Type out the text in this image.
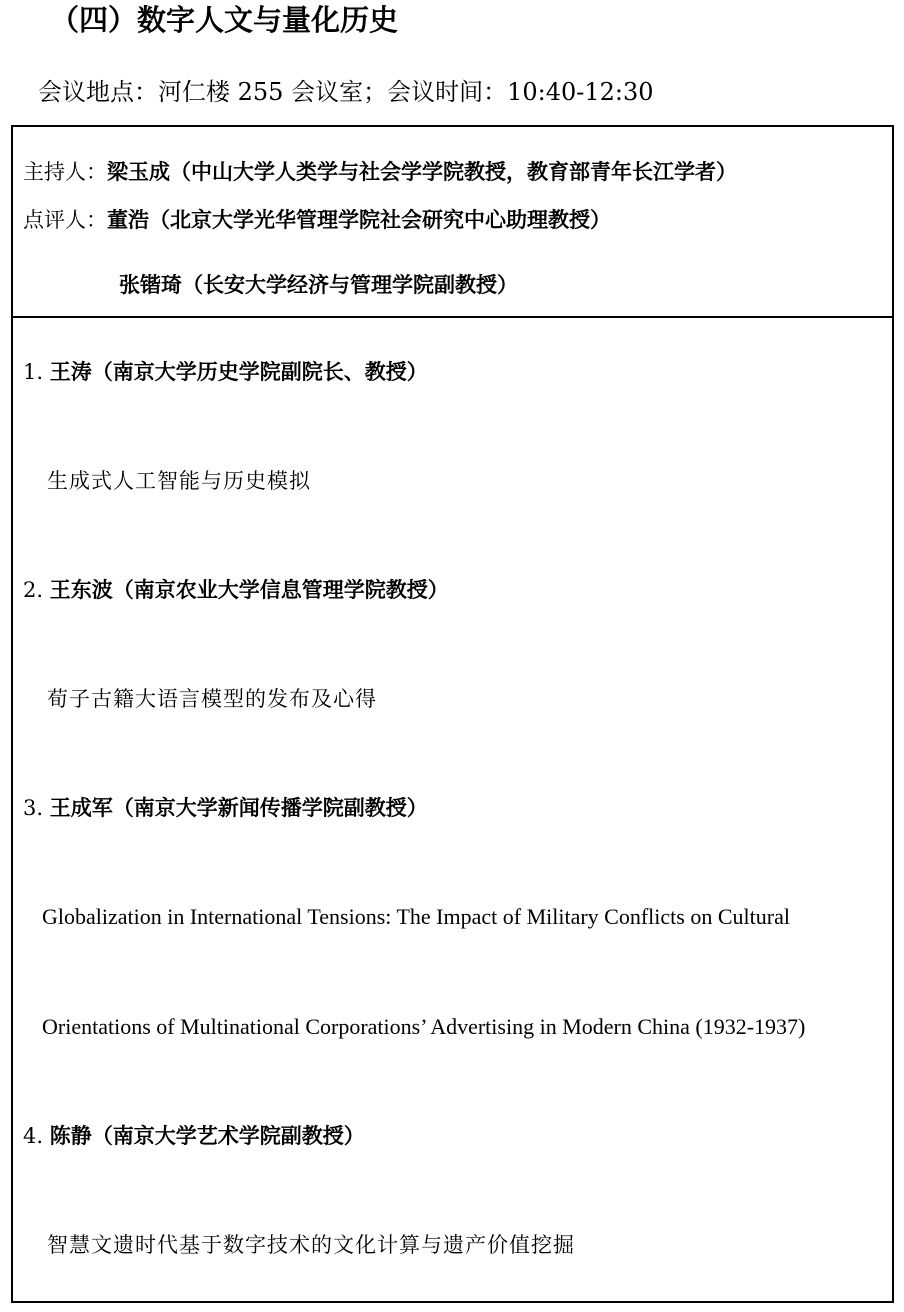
（四）数字人文与量化历史
会议地点：河仁楼 255 会议室；会议时间：10:40-12:30
主持人：梁玉成（中山大学人类学与社会学学院教授，教育部青年长江学者）
点评人：董浩（北京大学光华管理学院社会研究中心助理教授）
张锴琦（长安大学经济与管理学院副教授）
1. 王涛（南京大学历史学院副院长、教授）
生成式人工智能与历史模拟
2. 王东波（南京农业大学信息管理学院教授）
荀子古籍大语言模型的发布及心得
3. 王成军（南京大学新闻传播学院副教授）
Globalization in International Tensions: The Impact of Military Conflicts on Cultural
Orientations of Multinational Corporations’ Advertising in Modern China (1932-1937)
4. 陈静（南京大学艺术学院副教授）
智慧文遗时代基于数字技术的文化计算与遗产价值挖掘
